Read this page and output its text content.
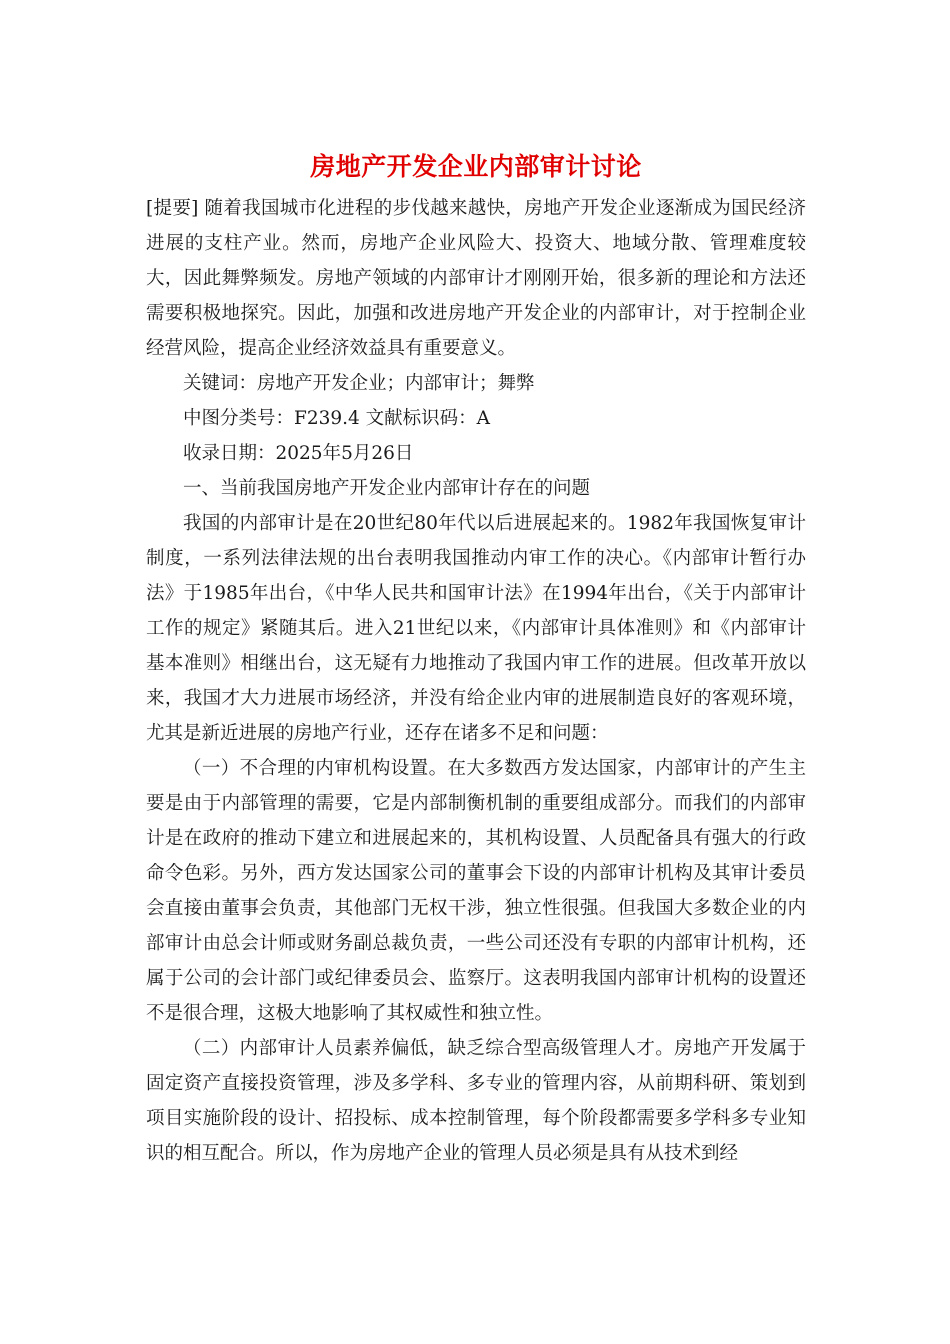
房地产开发企业内部审计讨论

[提要] 随着我国城市化进程的步伐越来越快，房地产开发企业逐渐成为国民经济进展的支柱产业。然而，房地产企业风险大、投资大、地域分散、管理难度较大，因此舞弊频发。房地产领域的内部审计才刚刚开始，很多新的理论和方法还需要积极地探究。因此，加强和改进房地产开发企业的内部审计，对于控制企业经营风险，提高企业经济效益具有重要意义。

关键词：房地产开发企业；内部审计；舞弊

中图分类号：F239.4 文献标识码：A

收录日期：2025年5月26日

一、当前我国房地产开发企业内部审计存在的问题

我国的内部审计是在20世纪80年代以后进展起来的。1982年我国恢复审计制度，一系列法律法规的出台表明我国推动内审工作的决心。《内部审计暂行办法》于1985年出台，《中华人民共和国审计法》在1994年出台，《关于内部审计工作的规定》紧随其后。进入21世纪以来，《内部审计具体准则》和《内部审计基本准则》相继出台，这无疑有力地推动了我国内审工作的进展。但改革开放以来，我国才大力进展市场经济，并没有给企业内审的进展制造良好的客观环境，尤其是新近进展的房地产行业，还存在诸多不足和问题：

（一）不合理的内审机构设置。在大多数西方发达国家，内部审计的产生主要是由于内部管理的需要，它是内部制衡机制的重要组成部分。而我们的内部审计是在政府的推动下建立和进展起来的，其机构设置、人员配备具有强大的行政命令色彩。另外，西方发达国家公司的董事会下设的内部审计机构及其审计委员会直接由董事会负责，其他部门无权干涉，独立性很强。但我国大多数企业的内部审计由总会计师或财务副总裁负责，一些公司还没有专职的内部审计机构，还属于公司的会计部门或纪律委员会、监察厅。这表明我国内部审计机构的设置还不是很合理，这极大地影响了其权威性和独立性。

（二）内部审计人员素养偏低，缺乏综合型高级管理人才。房地产开发属于固定资产直接投资管理，涉及多学科、多专业的管理内容，从前期科研、策划到项目实施阶段的设计、招投标、成本控制管理，每个阶段都需要多学科多专业知识的相互配合。所以，作为房地产企业的管理人员必须是具有从技术到经
